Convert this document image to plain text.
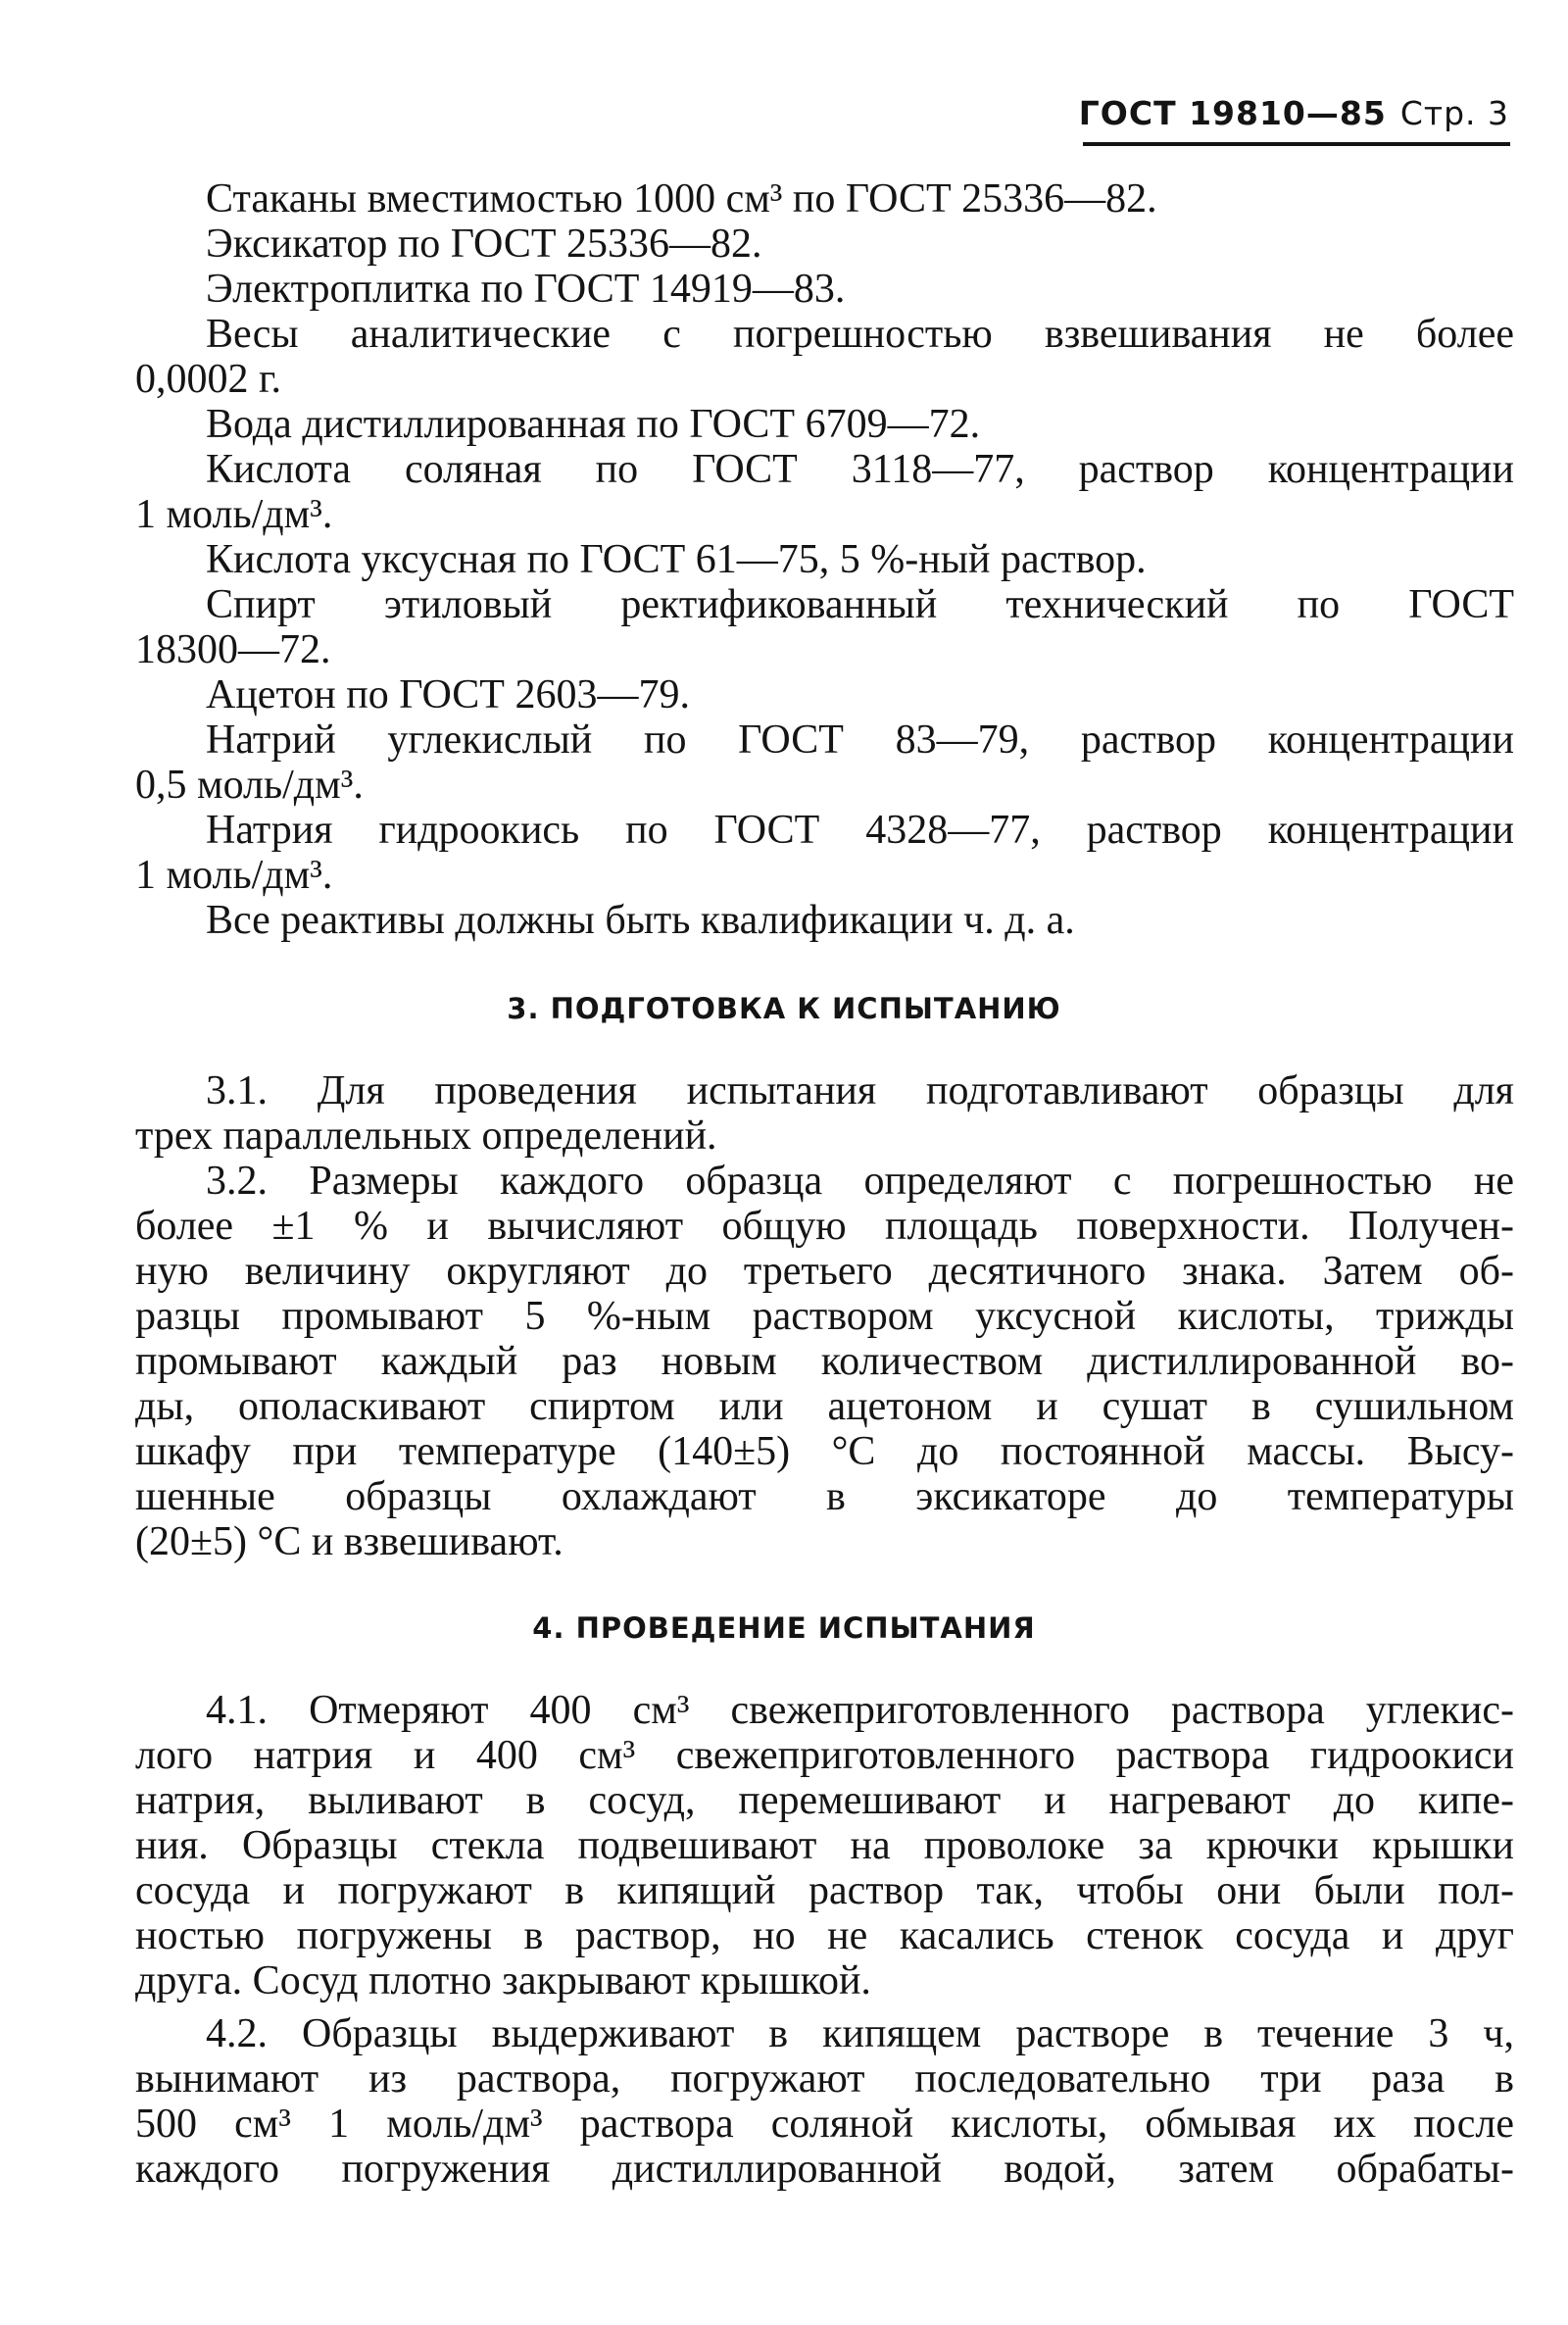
ГОСТ 19810—85 Стр. 3
Стаканы вместимостью 1000 см³ по ГОСТ 25336—82.
Эксикатор по ГОСТ 25336—82.
Электроплитка по ГОСТ 14919—83.
Весы аналитические с погрешностью взвешивания не более
0,0002 г.
Вода дистиллированная по ГОСТ 6709—72.
Кислота соляная по ГОСТ 3118—77, раствор концентрации
1 моль/дм³.
Кислота уксусная по ГОСТ 61—75, 5 %-ный раствор.
Спирт этиловый ректификованный технический по ГОСТ
18300—72.
Ацетон по ГОСТ 2603—79.
Натрий углекислый по ГОСТ 83—79, раствор концентрации
0,5 моль/дм³.
Натрия гидроокись по ГОСТ 4328—77, раствор концентрации
1 моль/дм³.
Все реактивы должны быть квалификации ч. д. а.
3. ПОДГОТОВКА К ИСПЫТАНИЮ
3.1. Для проведения испытания подготавливают образцы для
трех параллельных определений.
3.2. Размеры каждого образца определяют с погрешностью не
более ±1 % и вычисляют общую площадь поверхности. Получен-
ную величину округляют до третьего десятичного знака. Затем об-
разцы промывают 5 %-ным раствором уксусной кислоты, трижды
промывают каждый раз новым количеством дистиллированной во-
ды, ополаскивают спиртом или ацетоном и сушат в сушильном
шкафу при температуре (140±5) °С до постоянной массы. Высу-
шенные образцы охлаждают в эксикаторе до температуры
(20±5) °С и взвешивают.
4. ПРОВЕДЕНИЕ ИСПЫТАНИЯ
4.1. Отмеряют 400 см³ свежеприготовленного раствора углекис-
лого натрия и 400 см³ свежеприготовленного раствора гидроокиси
натрия, выливают в сосуд, перемешивают и нагревают до кипе-
ния. Образцы стекла подвешивают на проволоке за крючки крышки
сосуда и погружают в кипящий раствор так, чтобы они были пол-
ностью погружены в раствор, но не касались стенок сосуда и друг
друга. Сосуд плотно закрывают крышкой.
4.2. Образцы выдерживают в кипящем растворе в течение 3 ч,
вынимают из раствора, погружают последовательно три раза в
500 см³ 1 моль/дм³ раствора соляной кислоты, обмывая их после
каждого погружения дистиллированной водой, затем обрабаты-
